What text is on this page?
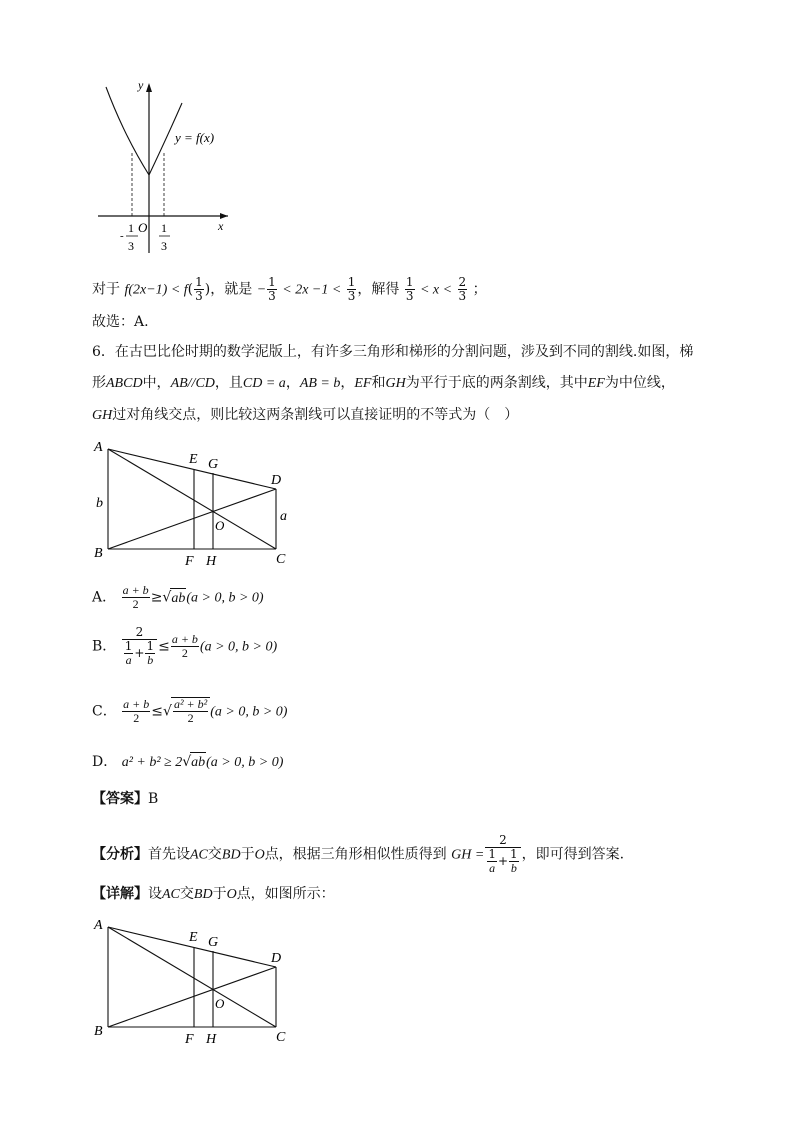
y
x
y = f(x)
O
-
1
3
1
3
对于 $f(2x-1) < f( \frac{1}{3}$ )，就是 − $\frac{1}{3} < 2x -1 < \frac{1}{3}$ ，解得 $\frac{1}{3} < x < \frac{2}{3}$ ；
故选：A.
6．在古巴比伦时期的数学泥版上，有许多三角形和梯形的分割问题，涉及到不同的割线.如图，梯
形ABCD中，AB//CD，且CD = a，AB = b，EF和GH为平行于底的两条割线，其中EF为中位线，
GH过对角线交点，则比较这两条割线可以直接证明的不等式为（　）
A
B	C
D
E G
F H
O
a
b
A． $\frac{a + b}{2} \ge√ab(a > 0$, b > 0)
B． $\frac{2}{\frac{1}{a} + \frac{1}{b}} \le \frac{a + b}{2} (a > 0$, b > 0)
C． $\frac{a + b}{2}$ ≤√ $\frac{\text{a² + b²}}{2} (a > 0$, b > 0)
D． a² + b² ≥ 2√ab(a > 0, b > 0)
【答案】B
【分析】首先设AC交BD于O点，根据三角形相似性质得到 GH = $\frac{2}{\frac{1}{a} + \frac{1}{b}}$ ，即可得到答案.
【详解】设AC交BD于O点，如图所示：
A
B	C
D
E G
F H
O
